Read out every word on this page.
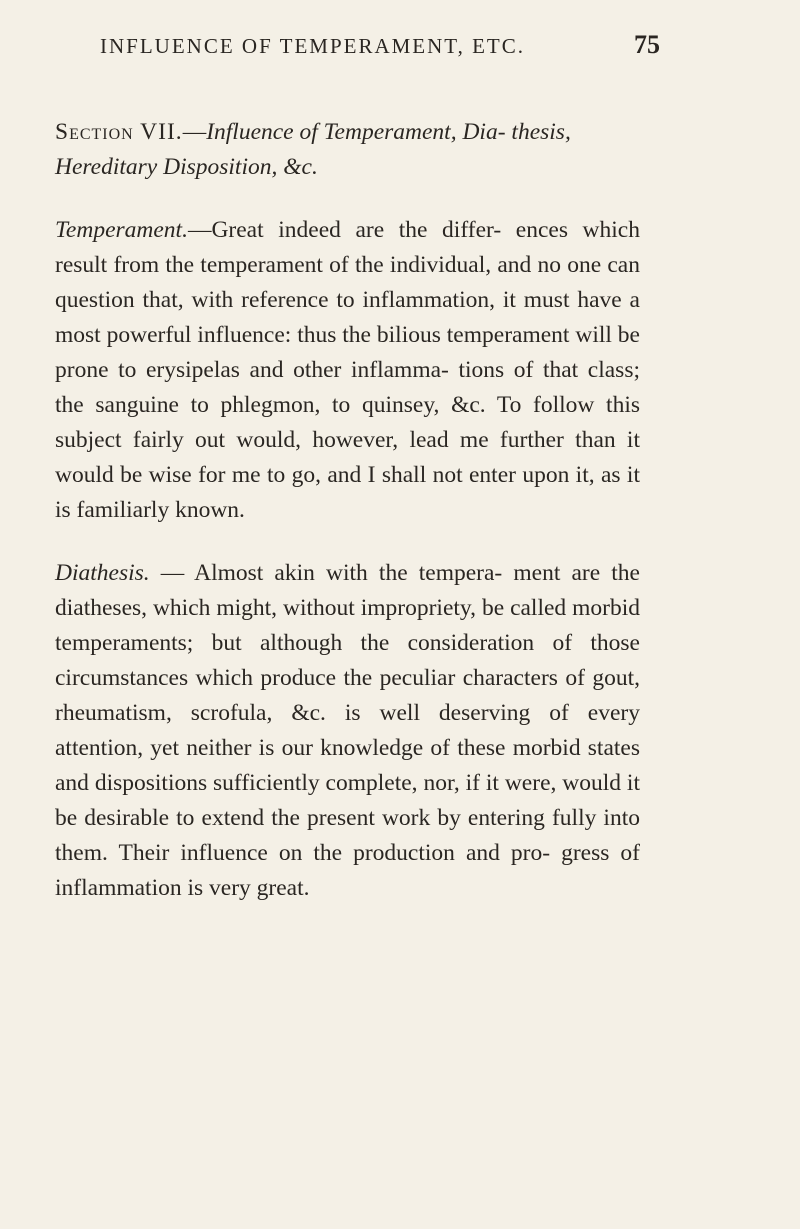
INFLUENCE OF TEMPERAMENT, ETC.	75

Section VII.—Influence of Temperament, Dia- thesis, Hereditary Disposition, &c.

Temperament.—Great indeed are the differ- ences which result from the temperament of the individual, and no one can question that, with reference to inflammation, it must have a most powerful influence: thus the bilious temperament will be prone to erysipelas and other inflamma- tions of that class; the sanguine to phlegmon, to quinsey, &c. To follow this subject fairly out would, however, lead me further than it would be wise for me to go, and I shall not enter upon it, as it is familiarly known.

Diathesis. — Almost akin with the tempera- ment are the diatheses, which might, without impropriety, be called morbid temperaments; but although the consideration of those circumstances which produce the peculiar characters of gout, rheumatism, scrofula, &c. is well deserving of every attention, yet neither is our knowledge of these morbid states and dispositions sufficiently complete, nor, if it were, would it be desirable to extend the present work by entering fully into them. Their influence on the production and pro- gress of inflammation is very great.
